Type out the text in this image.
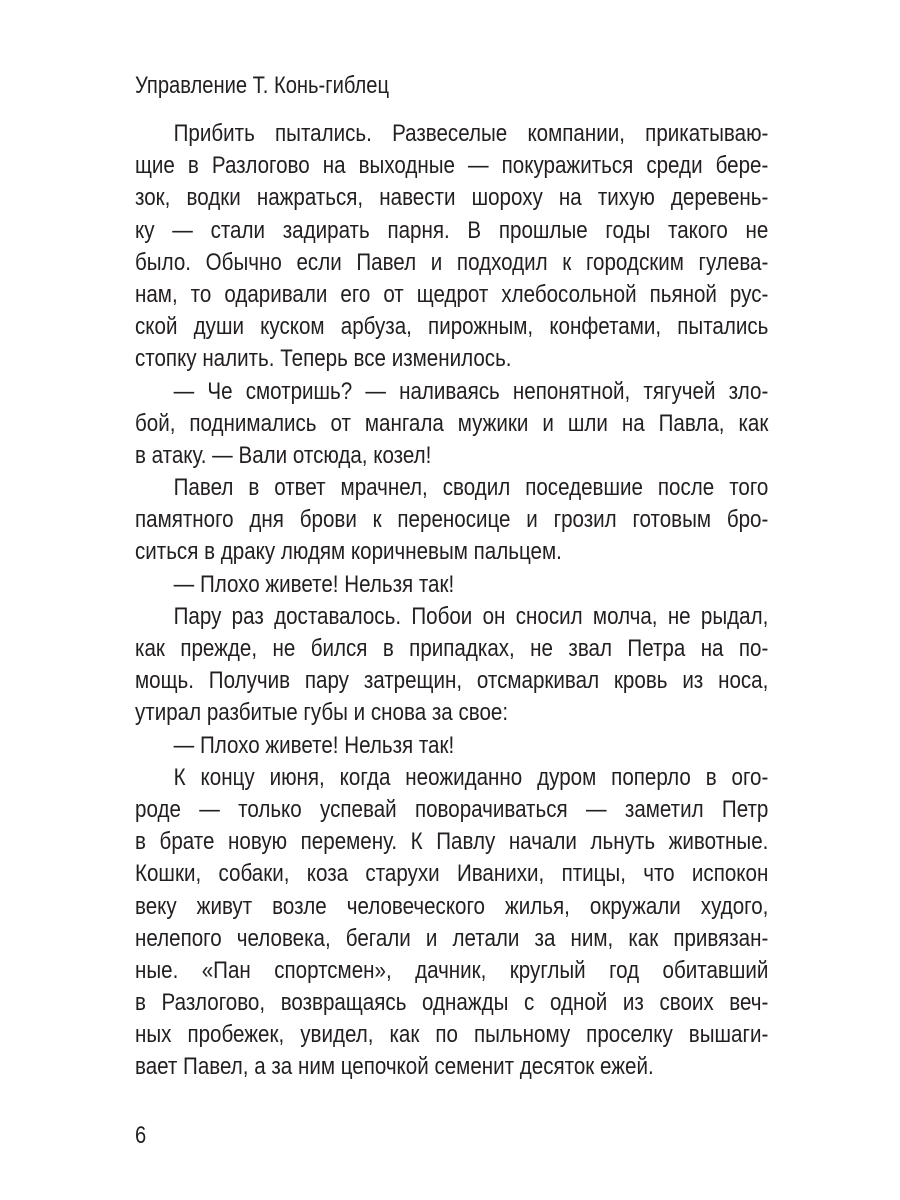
Управление Т. Конь-гиблец
Прибить пытались. Развеселые компании, прикатываю-
щие в Разлогово на выходные — покуражиться среди бере-
зок, водки нажраться, навести шороху на тихую деревень-
ку — стали задирать парня. В прошлые годы такого не
было. Обычно если Павел и подходил к городским гулева-
нам, то одаривали его от щедрот хлебосольной пьяной рус-
ской души куском арбуза, пирожным, конфетами, пытались
стопку налить. Теперь все изменилось.
— Че смотришь? — наливаясь непонятной, тягучей зло-
бой, поднимались от мангала мужики и шли на Павла, как
в атаку. — Вали отсюда, козел!
Павел в ответ мрачнел, сводил поседевшие после того
памятного дня брови к переносице и грозил готовым бро-
ситься в драку людям коричневым пальцем.
— Плохо живете! Нельзя так!
Пару раз доставалось. Побои он сносил молча, не рыдал,
как прежде, не бился в припадках, не звал Петра на по-
мощь. Получив пару затрещин, отсмаркивал кровь из носа,
утирал разбитые губы и снова за свое:
— Плохо живете! Нельзя так!
К концу июня, когда неожиданно дуром поперло в ого-
роде — только успевай поворачиваться — заметил Петр
в брате новую перемену. К Павлу начали льнуть животные.
Кошки, собаки, коза старухи Иванихи, птицы, что испокон
веку живут возле человеческого жилья, окружали худого,
нелепого человека, бегали и летали за ним, как привязан-
ные. «Пан спортсмен», дачник, круглый год обитавший
в Разлогово, возвращаясь однажды с одной из своих веч-
ных пробежек, увидел, как по пыльному проселку вышаги-
вает Павел, а за ним цепочкой семенит десяток ежей.
6
